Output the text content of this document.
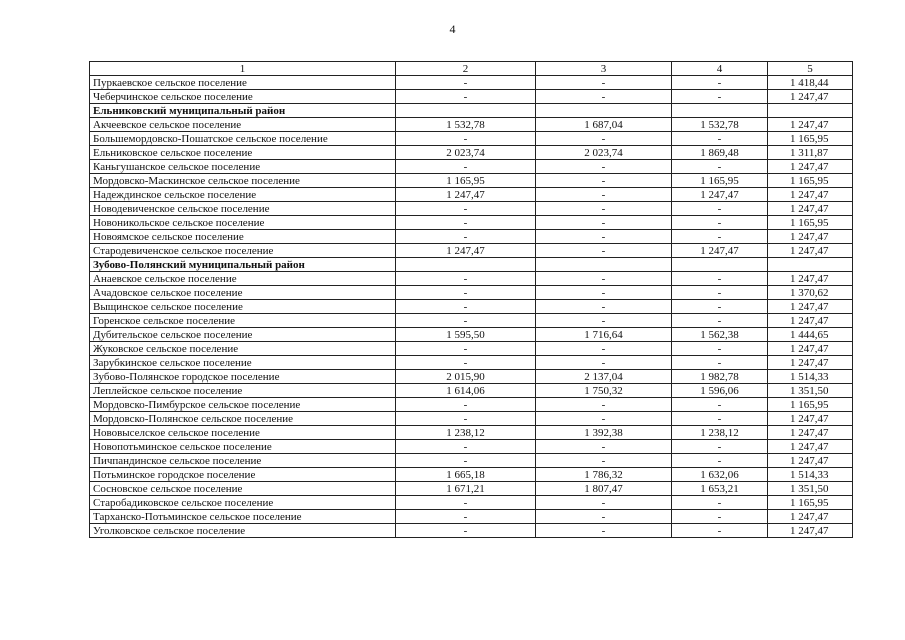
4
1	2	3	4	5
Пуркаевское сельское поселение	-	-	-	1 418,44
Чеберчинское сельское поселение	-	-	-	1 247,47
Ельниковский муниципальный район				
Акчеевское сельское поселение	1 532,78	1 687,04	1 532,78	1 247,47
Большемордовско-Пошатское сельское поселение	-	-	-	1 165,95
Ельниковское сельское поселение	2 023,74	2 023,74	1 869,48	1 311,87
Каньгушанское сельское поселение	-	-	-	1 247,47
Мордовско-Маскинское сельское поселение	1 165,95	-	1 165,95	1 165,95
Надеждинское сельское поселение	1 247,47	-	1 247,47	1 247,47
Новодевиченское сельское поселение	-	-	-	1 247,47
Новоникольское сельское поселение	-	-	-	1 165,95
Новоямское сельское поселение	-	-	-	1 247,47
Стародевиченское сельское поселение	1 247,47	-	1 247,47	1 247,47
Зубово-Полянский муниципальный район				
Анаевское сельское поселение	-	-	-	1 247,47
Ачадовское сельское поселение	-	-	-	1 370,62
Выщинское сельское поселение	-	-	-	1 247,47
Горенское сельское поселение	-	-	-	1 247,47
Дубительское сельское поселение	1 595,50	1 716,64	1 562,38	1 444,65
Жуковское сельское поселение	-	-	-	1 247,47
Зарубкинское сельское поселение	-	-	-	1 247,47
Зубово-Полянское городское поселение	2 015,90	2 137,04	1 982,78	1 514,33
Леплейское сельское поселение	1 614,06	1 750,32	1 596,06	1 351,50
Мордовско-Пимбурское сельское поселение	-	-	-	1 165,95
Мордовско-Полянское сельское поселение	-	-	-	1 247,47
Нововыселское сельское поселение	1 238,12	1 392,38	1 238,12	1 247,47
Новопотьминское сельское поселение	-	-	-	1 247,47
Пичпандинское сельское поселение	-	-	-	1 247,47
Потьминское городское поселение	1 665,18	1 786,32	1 632,06	1 514,33
Сосновское сельское поселение	1 671,21	1 807,47	1 653,21	1 351,50
Старобадиковское сельское поселение	-	-	-	1 165,95
Тарханско-Потьминское сельское поселение	-	-	-	1 247,47
Уголковское сельское поселение	-	-	-	1 247,47
